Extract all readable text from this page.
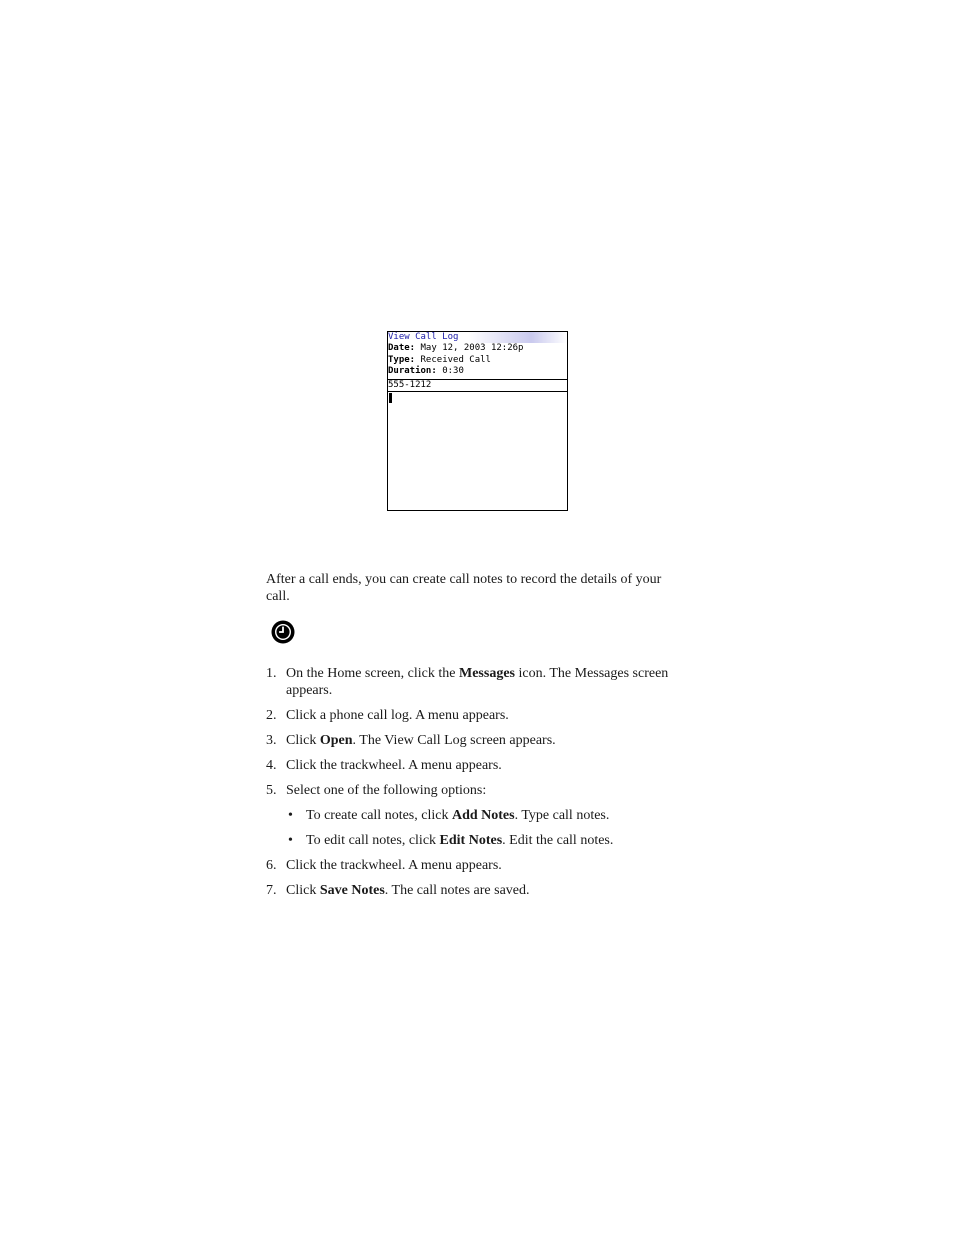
View Call Log
Date: May 12, 2003 12:26p
Type: Received Call
Duration: 0:30
555-1212

After a call ends, you can create call notes to record the details of your call.

1. On the Home screen, click the Messages icon. The Messages screen appears.
2. Click a phone call log. A menu appears.
3. Click Open. The View Call Log screen appears.
4. Click the trackwheel. A menu appears.
5. Select one of the following options:
• To create call notes, click Add Notes. Type call notes.
• To edit call notes, click Edit Notes. Edit the call notes.
6. Click the trackwheel. A menu appears.
7. Click Save Notes. The call notes are saved.
